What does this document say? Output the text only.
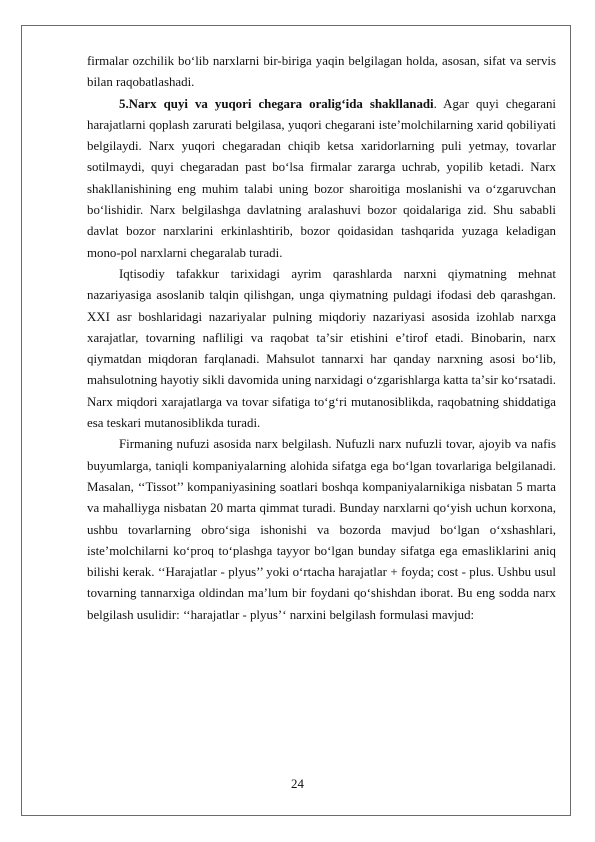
firmalar ozchilik boʻlib narxlarni bir-biriga yaqin belgilagan holda, asosan, sifat va servis bilan raqobatlashadi.

5.Narx quyi va yuqori chegara oraligʻida shakllanadi. Agar quyi chegarani harajatlarni qoplash zarurati belgilasa, yuqori chegarani isteʼmolchilarning xarid qobiliyati belgilaydi. Narx yuqori chegaradan chiqib ketsa xaridorlarning puli yetmay, tovarlar sotilmaydi, quyi chegaradan past boʻlsa firmalar zararga uchrab, yopilib ketadi. Narx shakllanishining eng muhim talabi uning bozor sharoitiga moslanishi va oʻzgaruvchan boʻlishidir. Narx belgilashga davlatning aralashuvi bozor qoidalariga zid. Shu sababli davlat bozor narxlarini erkinlashtirib, bozor qoidasidan tashqarida yuzaga keladigan mono-pol narxlarni chegaralab turadi.

Iqtisodiy tafakkur tarixidagi ayrim qarashlarda narxni qiymatning mehnat nazariyasiga asoslanib talqin qilishgan, unga qiymatning puldagi ifodasi deb qarashgan. XXI asr boshlaridagi nazariyalar pulning miqdoriy nazariyasi asosida izohlab narxga xarajatlar, tovarning nafliligi va raqobat taʼsir etishini eʼtirof etadi. Binobarin, narx qiymatdan miqdoran farqlanadi. Mahsulot tannarxi har qanday narxning asosi boʻlib, mahsulotning hayotiy sikli davomida uning narxidagi oʻzgarishlarga katta taʼsir koʻrsatadi. Narx miqdori xarajatlarga va tovar sifatiga toʻgʻri mutanosiblikda, raqobatning shiddatiga esa teskari mutanosiblikda turadi.

Firmaning nufuzi asosida narx belgilash. Nufuzli narx nufuzli tovar, ajoyib va nafis buyumlarga, taniqli kompaniyalarning alohida sifatga ega boʻlgan tovarlariga belgilanadi. Masalan, ‘‘Tissot’’ kompaniyasining soatlari boshqa kompaniyalarnikiga nisbatan 5 marta va mahalliyga nisbatan 20 marta qimmat turadi. Bunday narxlarni qoʻyish uchun korxona, ushbu tovarlarning obroʻsiga ishonishi va bozorda mavjud boʻlgan oʻxshashlari, isteʼmolchilarni koʻproq toʻplashga tayyor boʻlgan bunday sifatga ega emasliklarini aniq bilishi kerak. ‘‘Harajatlar - plyus’’ yoki oʻrtacha harajatlar + foyda; cost - plus. Ushbu usul tovarning tannarxiga oldindan maʼlum bir foydani qoʻshishdan iborat. Bu eng sodda narx belgilash usulidir: ‘‘harajatlar - plyus’‘ narxini belgilash formulasi mavjud:

24
